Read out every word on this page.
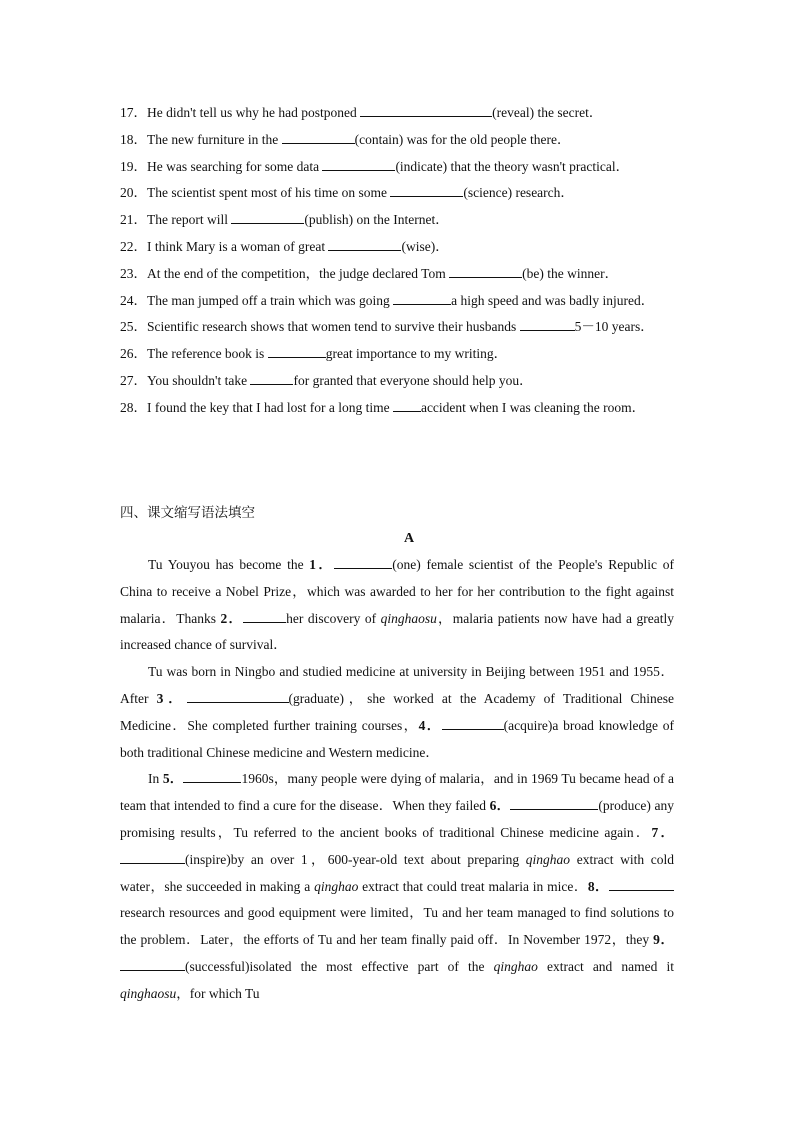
17．He didn't tell us why he had postponed	(reveal) the secret．
18．The new furniture in the	(contain) was for the old people there．
19．He was searching for some data	(indicate) that the theory wasn't practical．
20．The scientist spent most of his time on some	(science) research．
21．The report will	(publish) on the Internet．
22．I think Mary is a woman of great	(wise)．
23．At the end of the competition，the judge declared Tom	(be) the winner．
24．The man jumped off a train which was going	a high speed and was badly injured．
25．Scientific research shows that women tend to survive their husbands	5－10 years．
26．The reference book is	great importance to my writing．
27．You shouldn't take	for granted that everyone should help you．
28．I found the key that I had lost for a long time accident when I was cleaning the room．
四、课文缩写语法填空
A

Tu Youyou has become the 1．	(one) female scientist of the People's Republic of China to receive a Nobel Prize，which was awarded to her for her contribution to the fight against malaria．Thanks 2．	her discovery of qinghaosu，malaria patients now have had a greatly increased chance of survival．

Tu was born in Ningbo and studied medicine at university in Beijing between 1951 and 1955．After 3．	(graduate)，she worked at the Academy of Traditional Chinese Medicine．She completed further training courses，4．	(acquire)a broad knowledge of both traditional Chinese medicine and Western medicine．

In 5．	1960s，many people were dying of malaria，and in 1969 Tu became head of a team that intended to find a cure for the disease．When they failed 6．	(produce) any promising results，Tu referred to the ancient books of traditional Chinese medicine again．7．(inspire)by an over 1，600-year-old text about preparing qinghao extract with cold water，she succeeded in making a qinghao extract that could treat malaria in mice．8．research resources and good equipment were limited，Tu and her team managed to find solutions to the problem．Later，the efforts of Tu and her team finally paid off．In November 1972，they 9．(successful)isolated the most effective part of the qinghao extract and named it qinghaosu，for which Tu
